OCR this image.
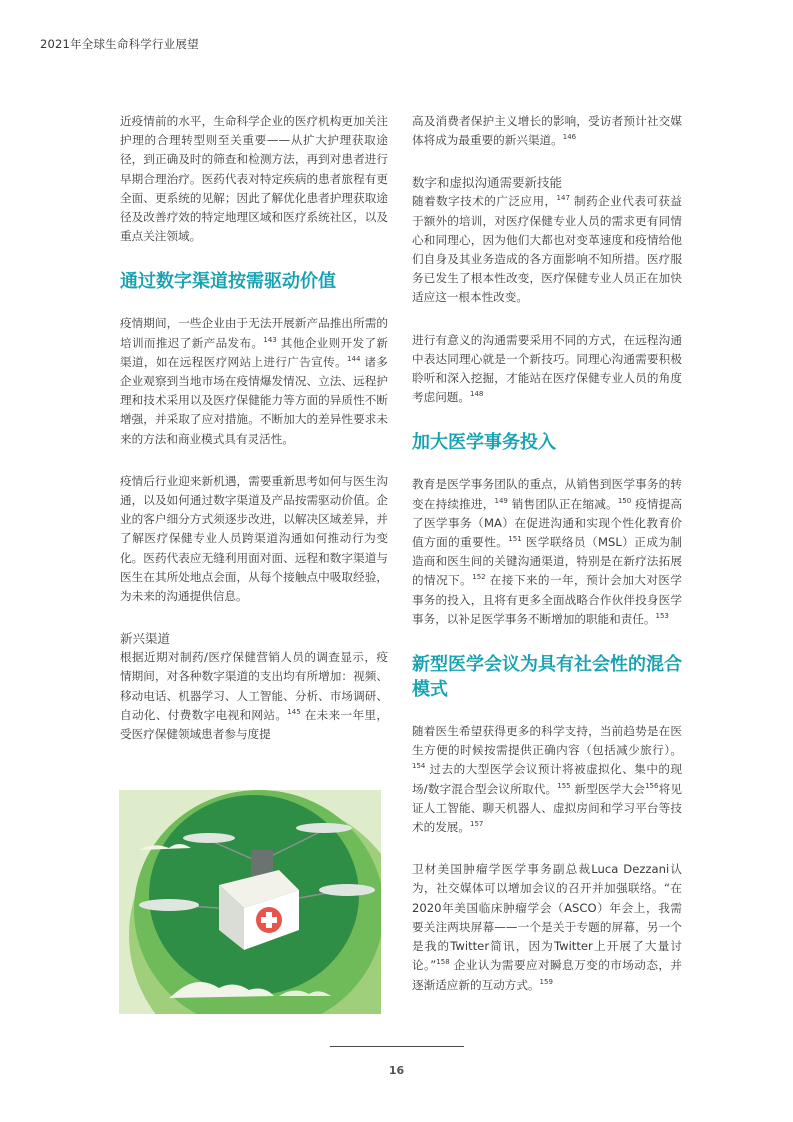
2021年全球生命科学行业展望

近疫情前的水平，生命科学企业的医疗机构更加关注护理的合理转型则至关重要——从扩大护理获取途径，到正确及时的筛查和检测方法，再到对患者进行早期合理治疗。医药代表对特定疾病的患者旅程有更全面、更系统的见解；因此了解优化患者护理获取途径及改善疗效的特定地理区域和医疗系统社区，以及重点关注领域。

通过数字渠道按需驱动价值

疫情期间，一些企业由于无法开展新产品推出所需的培训而推迟了新产品发布。$^{143}$ 其他企业则开发了新渠道，如在远程医疗网站上进行广告宣传。$^{144}$ 诸多企业观察到当地市场在疫情爆发情况、立法、远程护理和技术采用以及医疗保健能力等方面的异质性不断增强，并采取了应对措施。不断加大的差异性要求未来的方法和商业模式具有灵活性。

疫情后行业迎来新机遇，需要重新思考如何与医生沟通，以及如何通过数字渠道及产品按需驱动价值。企业的客户细分方式须逐步改进，以解决区域差异，并了解医疗保健专业人员跨渠道沟通如何推动行为变化。医药代表应无缝利用面对面、远程和数字渠道与医生在其所处地点会面，从每个接触点中吸取经验，为未来的沟通提供信息。

新兴渠道

根据近期对制药/医疗保健营销人员的调查显示，疫情期间，对各种数字渠道的支出均有所增加：视频、移动电话、机器学习、人工智能、分析、市场调研、自动化、付费数字电视和网站。$^{145}$ 在未来一年里，受医疗保健领域患者参与度提

高及消费者保护主义增长的影响，受访者预计社交媒体将成为最重要的新兴渠道。$^{146}$

数字和虚拟沟通需要新技能

随着数字技术的广泛应用，$^{147}$ 制药企业代表可获益于额外的培训，对医疗保健专业人员的需求更有同情心和同理心，因为他们大都也对变革速度和疫情给他们自身及其业务造成的各方面影响不知所措。医疗服务已发生了根本性改变，医疗保健专业人员正在加快适应这一根本性改变。

进行有意义的沟通需要采用不同的方式，在远程沟通中表达同理心就是一个新技巧。同理心沟通需要积极聆听和深入挖掘，才能站在医疗保健专业人员的角度考虑问题。$^{148}$

加大医学事务投入

教育是医学事务团队的重点，从销售到医学事务的转变在持续推进，$^{149}$ 销售团队正在缩减。$^{150}$ 疫情提高了医学事务（MA）在促进沟通和实现个性化教育价值方面的重要性。$^{151}$ 医学联络员（MSL）正成为制造商和医生间的关键沟通渠道，特别是在新疗法拓展的情况下。$^{152}$ 在接下来的一年，预计会加大对医学事务的投入，且将有更多全面战略合作伙伴投身医学事务，以补足医学事务不断增加的职能和责任。$^{153}$

新型医学会议为具有社会性的混合模式

随着医生希望获得更多的科学支持，当前趋势是在医生方便的时候按需提供正确内容（包括减少旅行）。$^{154}$ 过去的大型医学会议预计将被虚拟化、集中的现场/数字混合型会议所取代。$^{155}$ 新型医学大会$^{156}$将见证人工智能、聊天机器人、虚拟房间和学习平台等技术的发展。$^{157}$

卫材美国肿瘤学医学事务副总裁Luca Dezzani认为，社交媒体可以增加会议的召开并加强联络。“在2020年美国临床肿瘤学会（ASCO）年会上，我需要关注两块屏幕——一个是关于专题的屏幕，另一个是我的Twitter简讯，因为Twitter上开展了大量讨论。”$^{158}$ 企业认为需要应对瞬息万变的市场动态，并逐渐适应新的互动方式。$^{159}$

16
